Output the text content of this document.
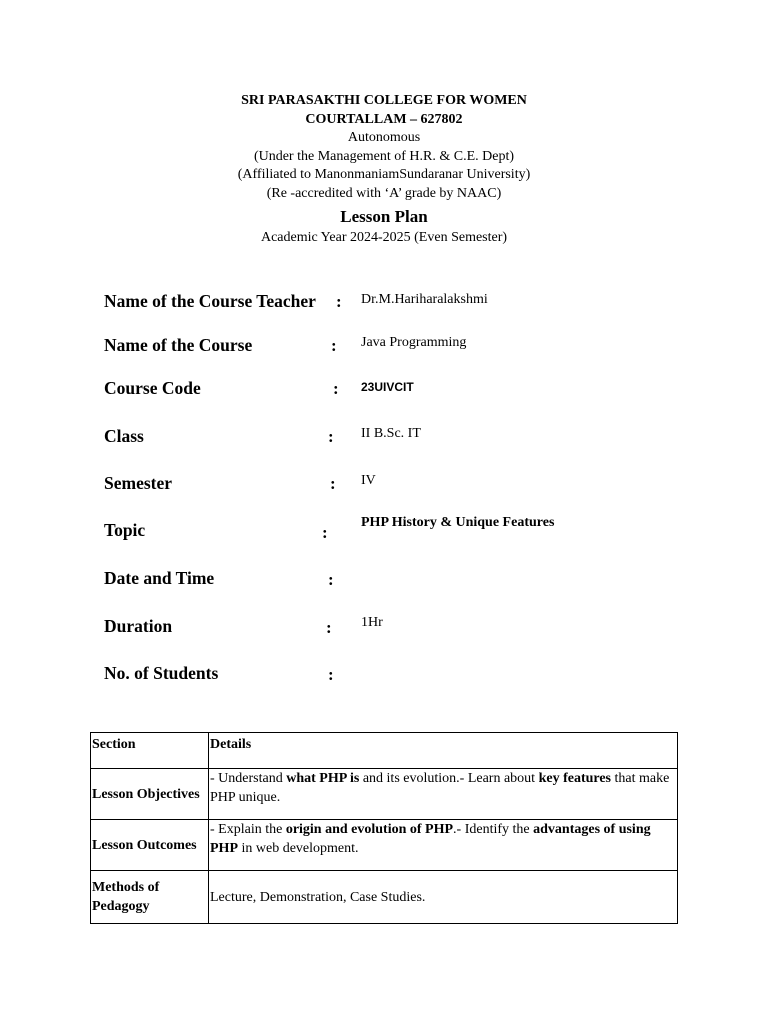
SRI PARASAKTHI COLLEGE FOR WOMEN
COURTALLAM – 627802
Autonomous
(Under the Management of H.R. & C.E. Dept)
(Affiliated to ManonmaniamSundaranar University)
(Re -accredited with ‘A’ grade by NAAC)
Lesson Plan
Academic Year 2024-2025 (Even Semester)
Name of the Course Teacher : Dr.M.Hariharalakshmi
Name of the Course	: Java Programming
Course Code	: 23UIVCIT
Class	: II B.Sc. IT
Semester	: IV
Topic	:
PHP History & Unique Features
Date and Time	:
Duration	: 1Hr
No. of Students	:
Section	Details
Lesson Objectives	- Understand what PHP is and its evolution.- Learn about key features that make PHP unique.
Lesson Outcomes	- Explain the origin and evolution of PHP.- Identify the advantages of using PHP in web development.
Methods of Pedagogy	Lecture, Demonstration, Case Studies.
